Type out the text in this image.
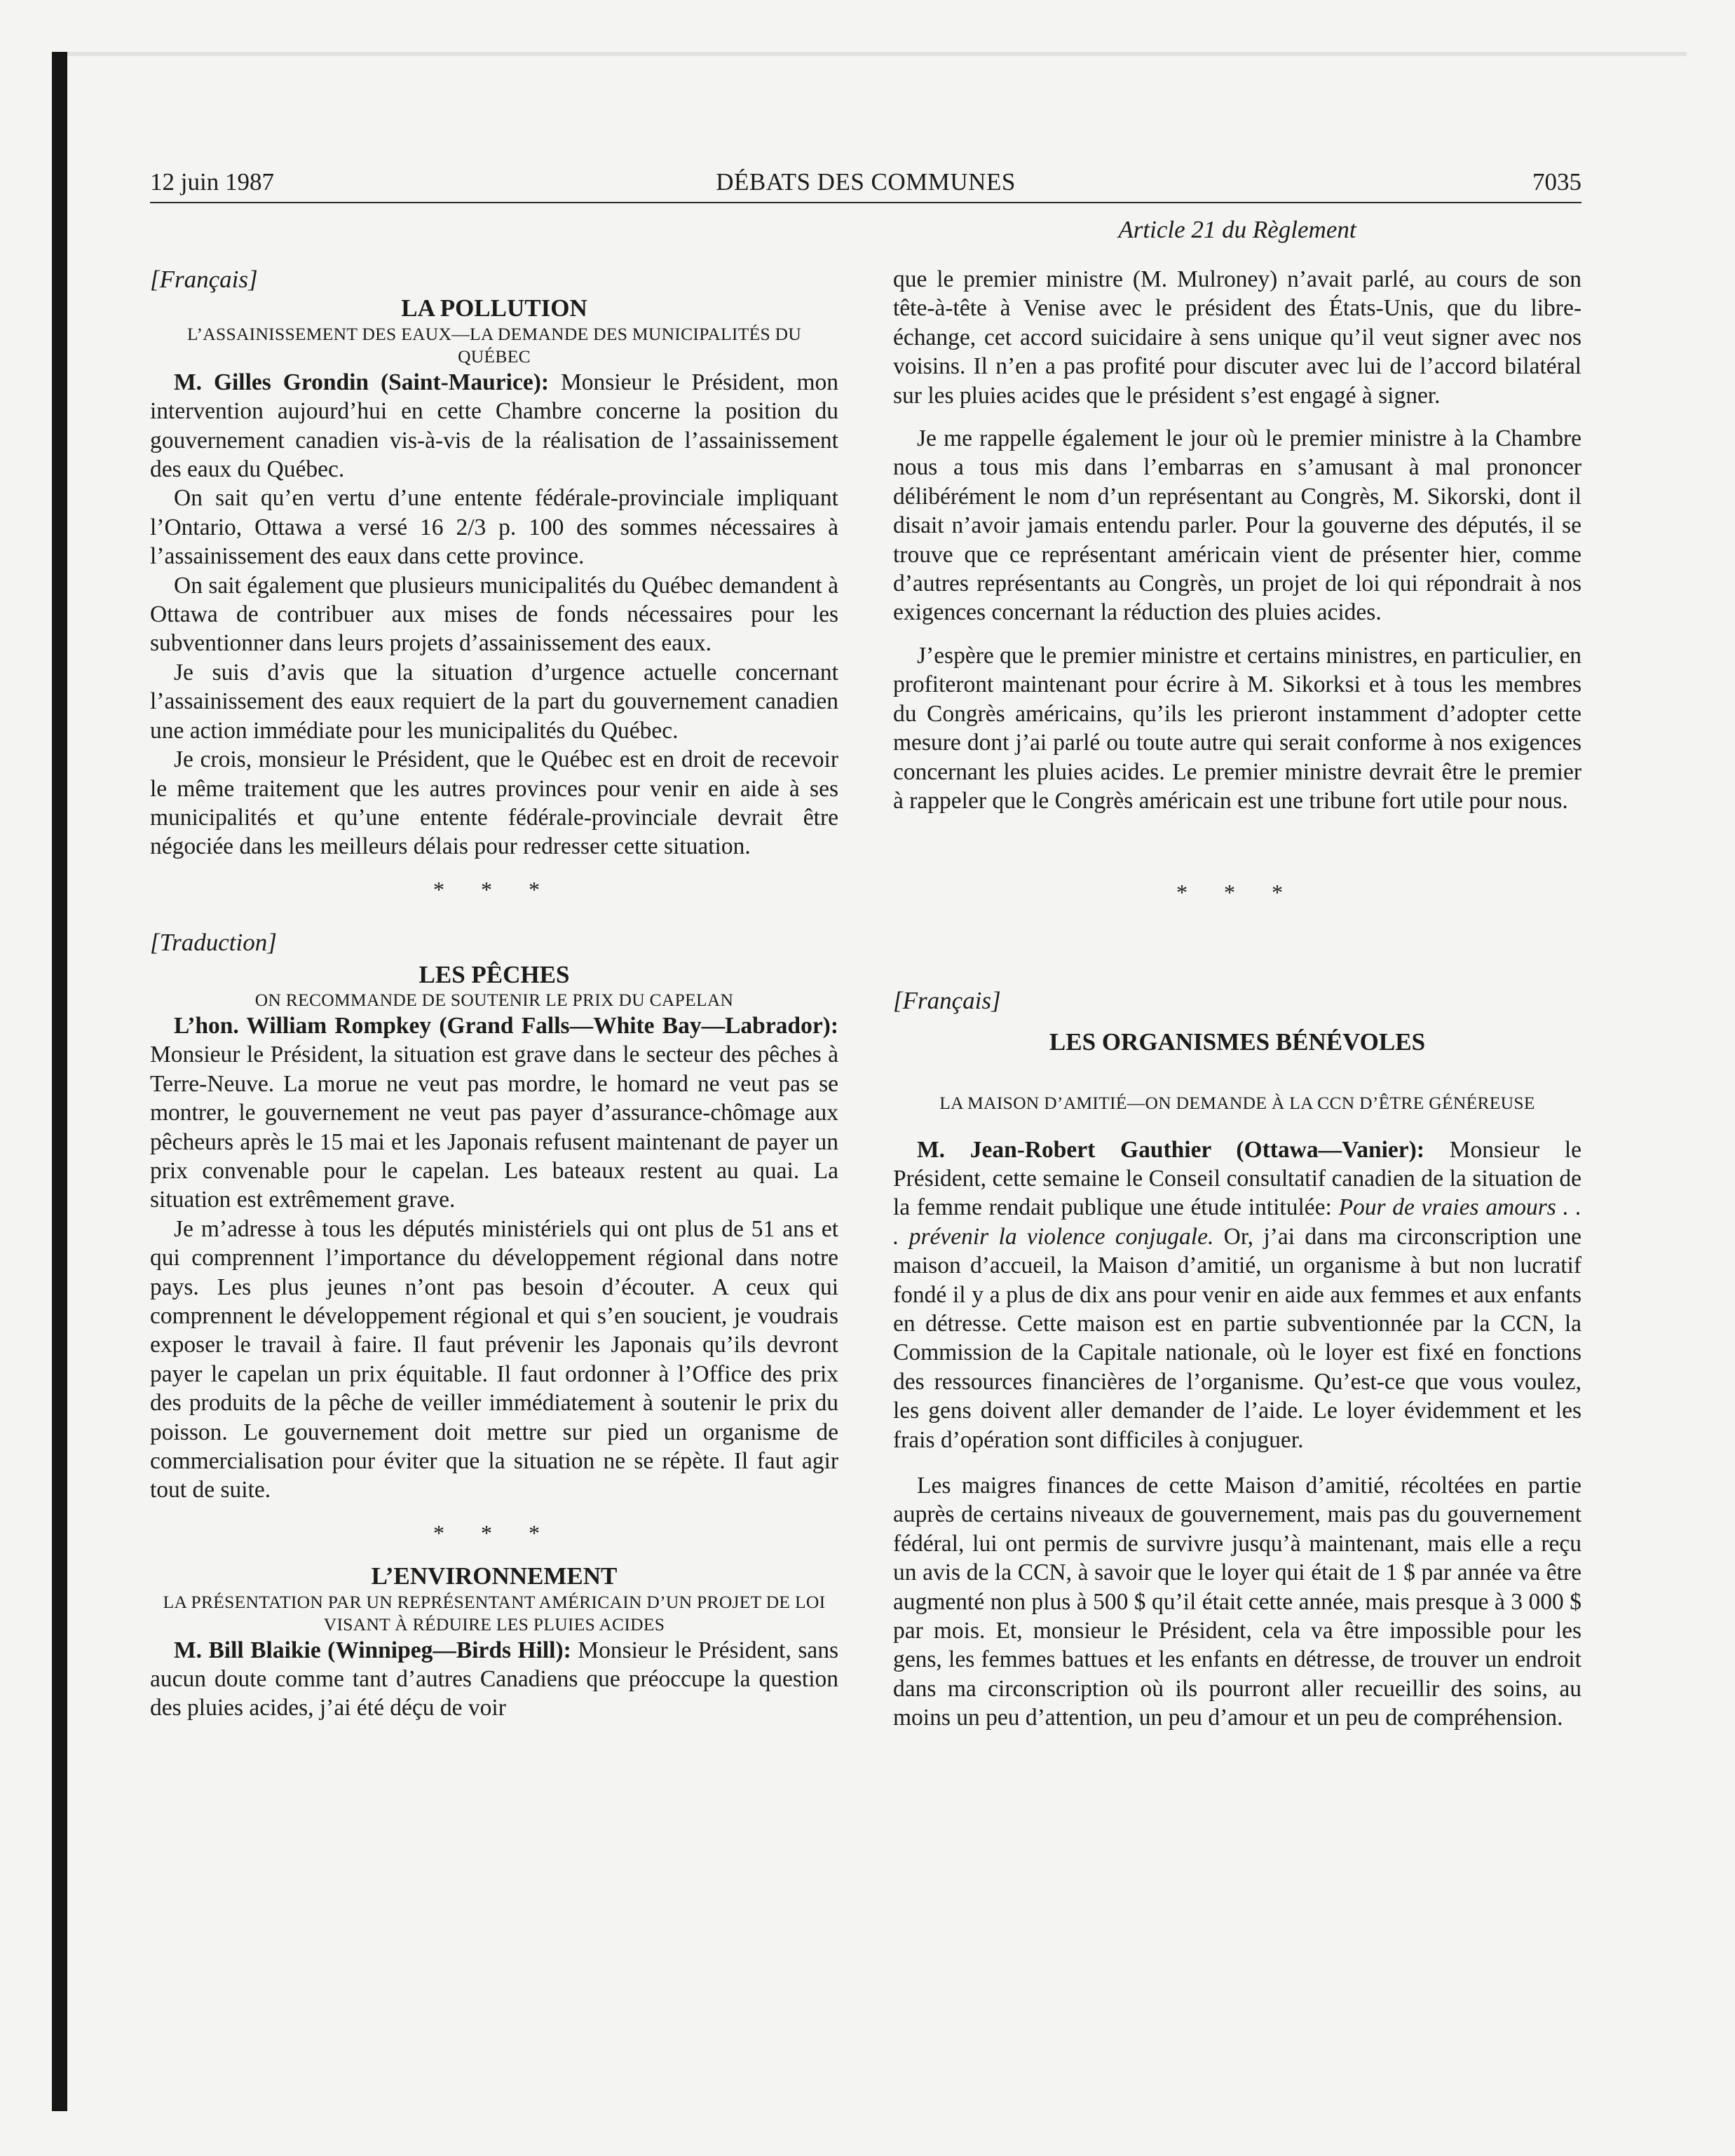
12 juin 1987	DÉBATS DES COMMUNES	7035
Article 21 du Règlement

[Français]

LA POLLUTION

L’ASSAINISSEMENT DES EAUX—LA DEMANDE DES MUNICIPALITÉS DU QUÉBEC

M. Gilles Grondin (Saint-Maurice): Monsieur le Président, mon intervention aujourd’hui en cette Chambre concerne la position du gouvernement canadien vis-à-vis de la réalisation de l’assainissement des eaux du Québec.

On sait qu’en vertu d’une entente fédérale-provinciale impliquant l’Ontario, Ottawa a versé 16 2/3 p. 100 des sommes nécessaires à l’assainissement des eaux dans cette province.

On sait également que plusieurs municipalités du Québec demandent à Ottawa de contribuer aux mises de fonds nécessaires pour les subventionner dans leurs projets d’assainissement des eaux.

Je suis d’avis que la situation d’urgence actuelle concernant l’assainissement des eaux requiert de la part du gouvernement canadien une action immédiate pour les municipalités du Québec.

Je crois, monsieur le Président, que le Québec est en droit de recevoir le même traitement que les autres provinces pour venir en aide à ses municipalités et qu’une entente fédérale-provinciale devrait être négociée dans les meilleurs délais pour redresser cette situation.

* * *

[Traduction]

LES PÊCHES

ON RECOMMANDE DE SOUTENIR LE PRIX DU CAPELAN

L’hon. William Rompkey (Grand Falls—White Bay—Labrador): Monsieur le Président, la situation est grave dans le secteur des pêches à Terre-Neuve. La morue ne veut pas mordre, le homard ne veut pas se montrer, le gouvernement ne veut pas payer d’assurance-chômage aux pêcheurs après le 15 mai et les Japonais refusent maintenant de payer un prix convenable pour le capelan. Les bateaux restent au quai. La situation est extrêmement grave.

Je m’adresse à tous les députés ministériels qui ont plus de 51 ans et qui comprennent l’importance du développement régional dans notre pays. Les plus jeunes n’ont pas besoin d’écouter. A ceux qui comprennent le développement régional et qui s’en soucient, je voudrais exposer le travail à faire. Il faut prévenir les Japonais qu’ils devront payer le capelan un prix équitable. Il faut ordonner à l’Office des prix des produits de la pêche de veiller immédiatement à soutenir le prix du poisson. Le gouvernement doit mettre sur pied un organisme de commercialisation pour éviter que la situation ne se répète. Il faut agir tout de suite.

* * *

L’ENVIRONNEMENT

LA PRÉSENTATION PAR UN REPRÉSENTANT AMÉRICAIN D’UN PROJET DE LOI VISANT À RÉDUIRE LES PLUIES ACIDES

M. Bill Blaikie (Winnipeg—Birds Hill): Monsieur le Président, sans aucun doute comme tant d’autres Canadiens que préoccupe la question des pluies acides, j’ai été déçu de voir

que le premier ministre (M. Mulroney) n’avait parlé, au cours de son tête-à-tête à Venise avec le président des États-Unis, que du libre-échange, cet accord suicidaire à sens unique qu’il veut signer avec nos voisins. Il n’en a pas profité pour discuter avec lui de l’accord bilatéral sur les pluies acides que le président s’est engagé à signer.

Je me rappelle également le jour où le premier ministre à la Chambre nous a tous mis dans l’embarras en s’amusant à mal prononcer délibérément le nom d’un représentant au Congrès, M. Sikorski, dont il disait n’avoir jamais entendu parler. Pour la gouverne des députés, il se trouve que ce représentant américain vient de présenter hier, comme d’autres représentants au Congrès, un projet de loi qui répondrait à nos exigences concernant la réduction des pluies acides.

J’espère que le premier ministre et certains ministres, en particulier, en profiteront maintenant pour écrire à M. Sikorksi et à tous les membres du Congrès américains, qu’ils les prieront instamment d’adopter cette mesure dont j’ai parlé ou toute autre qui serait conforme à nos exigences concernant les pluies acides. Le premier ministre devrait être le premier à rappeler que le Congrès américain est une tribune fort utile pour nous.

* * *

[Français]

LES ORGANISMES BÉNÉVOLES

LA MAISON D’AMITIÉ—ON DEMANDE À LA CCN D’ÊTRE GÉNÉREUSE

M. Jean-Robert Gauthier (Ottawa—Vanier): Monsieur le Président, cette semaine le Conseil consultatif canadien de la situation de la femme rendait publique une étude intitulée: Pour de vraies amours . . . prévenir la violence conjugale. Or, j’ai dans ma circonscription une maison d’accueil, la Maison d’amitié, un organisme à but non lucratif fondé il y a plus de dix ans pour venir en aide aux femmes et aux enfants en détresse. Cette maison est en partie subventionnée par la CCN, la Commission de la Capitale nationale, où le loyer est fixé en fonctions des ressources financières de l’organisme. Qu’est-ce que vous voulez, les gens doivent aller demander de l’aide. Le loyer évidemment et les frais d’opération sont difficiles à conjuguer.

Les maigres finances de cette Maison d’amitié, récoltées en partie auprès de certains niveaux de gouvernement, mais pas du gouvernement fédéral, lui ont permis de survivre jusqu’à maintenant, mais elle a reçu un avis de la CCN, à savoir que le loyer qui était de 1 $ par année va être augmenté non plus à 500 $ qu’il était cette année, mais presque à 3 000 $ par mois. Et, monsieur le Président, cela va être impossible pour les gens, les femmes battues et les enfants en détresse, de trouver un endroit dans ma circonscription où ils pourront aller recueillir des soins, au moins un peu d’attention, un peu d’amour et un peu de compréhension.
